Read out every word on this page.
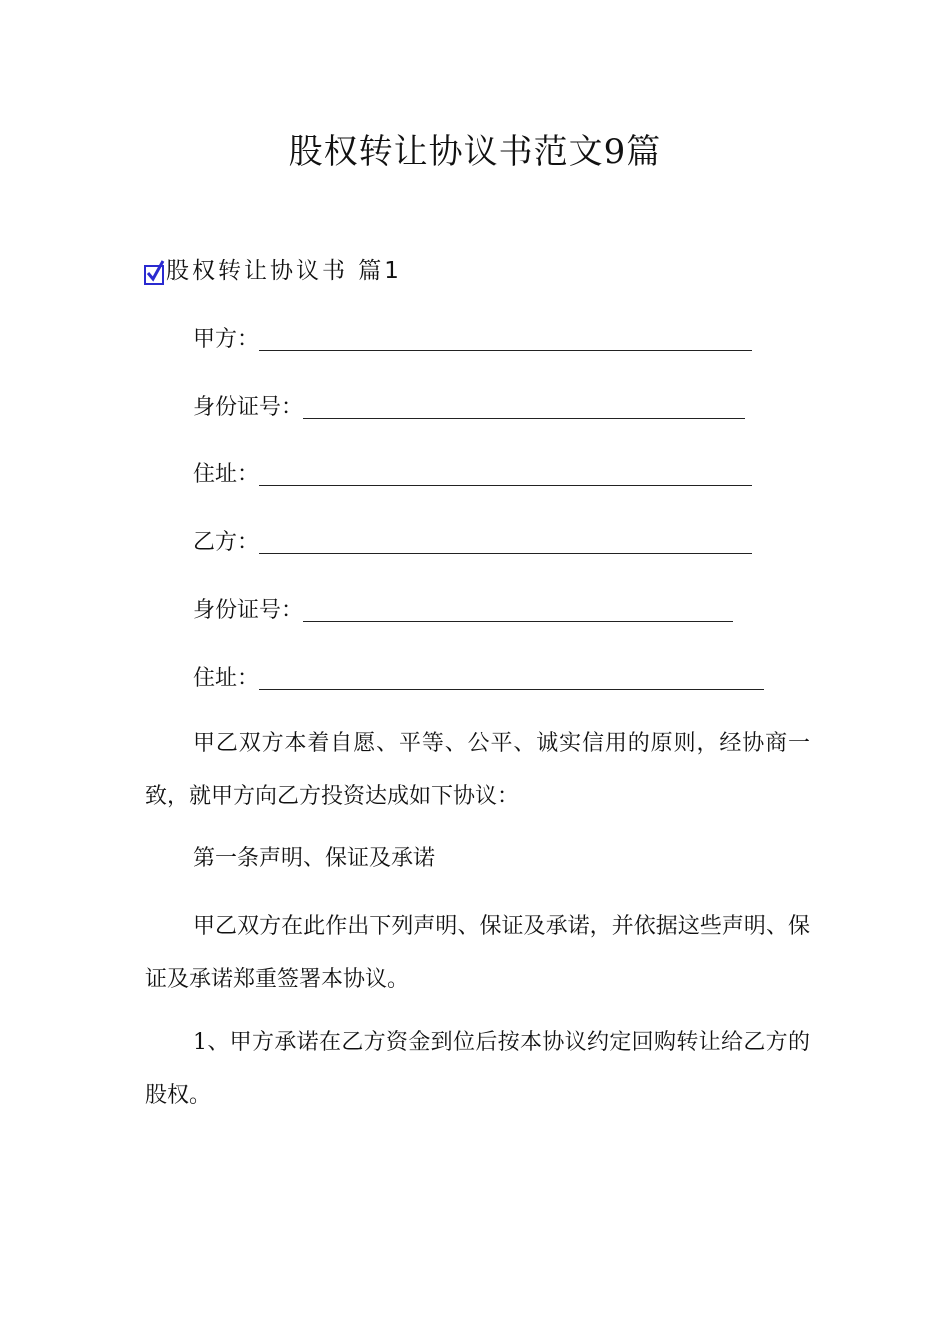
股权转让协议书范文9篇
股权转让协议书 篇1
甲方：
身份证号：
住址：
乙方：
身份证号：
住址：
甲乙双方本着自愿、平等、公平、诚实信用的原则，经协商一致，就甲方向乙方投资达成如下协议：
第一条声明、保证及承诺
甲乙双方在此作出下列声明、保证及承诺，并依据这些声明、保证及承诺郑重签署本协议。
1、甲方承诺在乙方资金到位后按本协议约定回购转让给乙方的股权。
